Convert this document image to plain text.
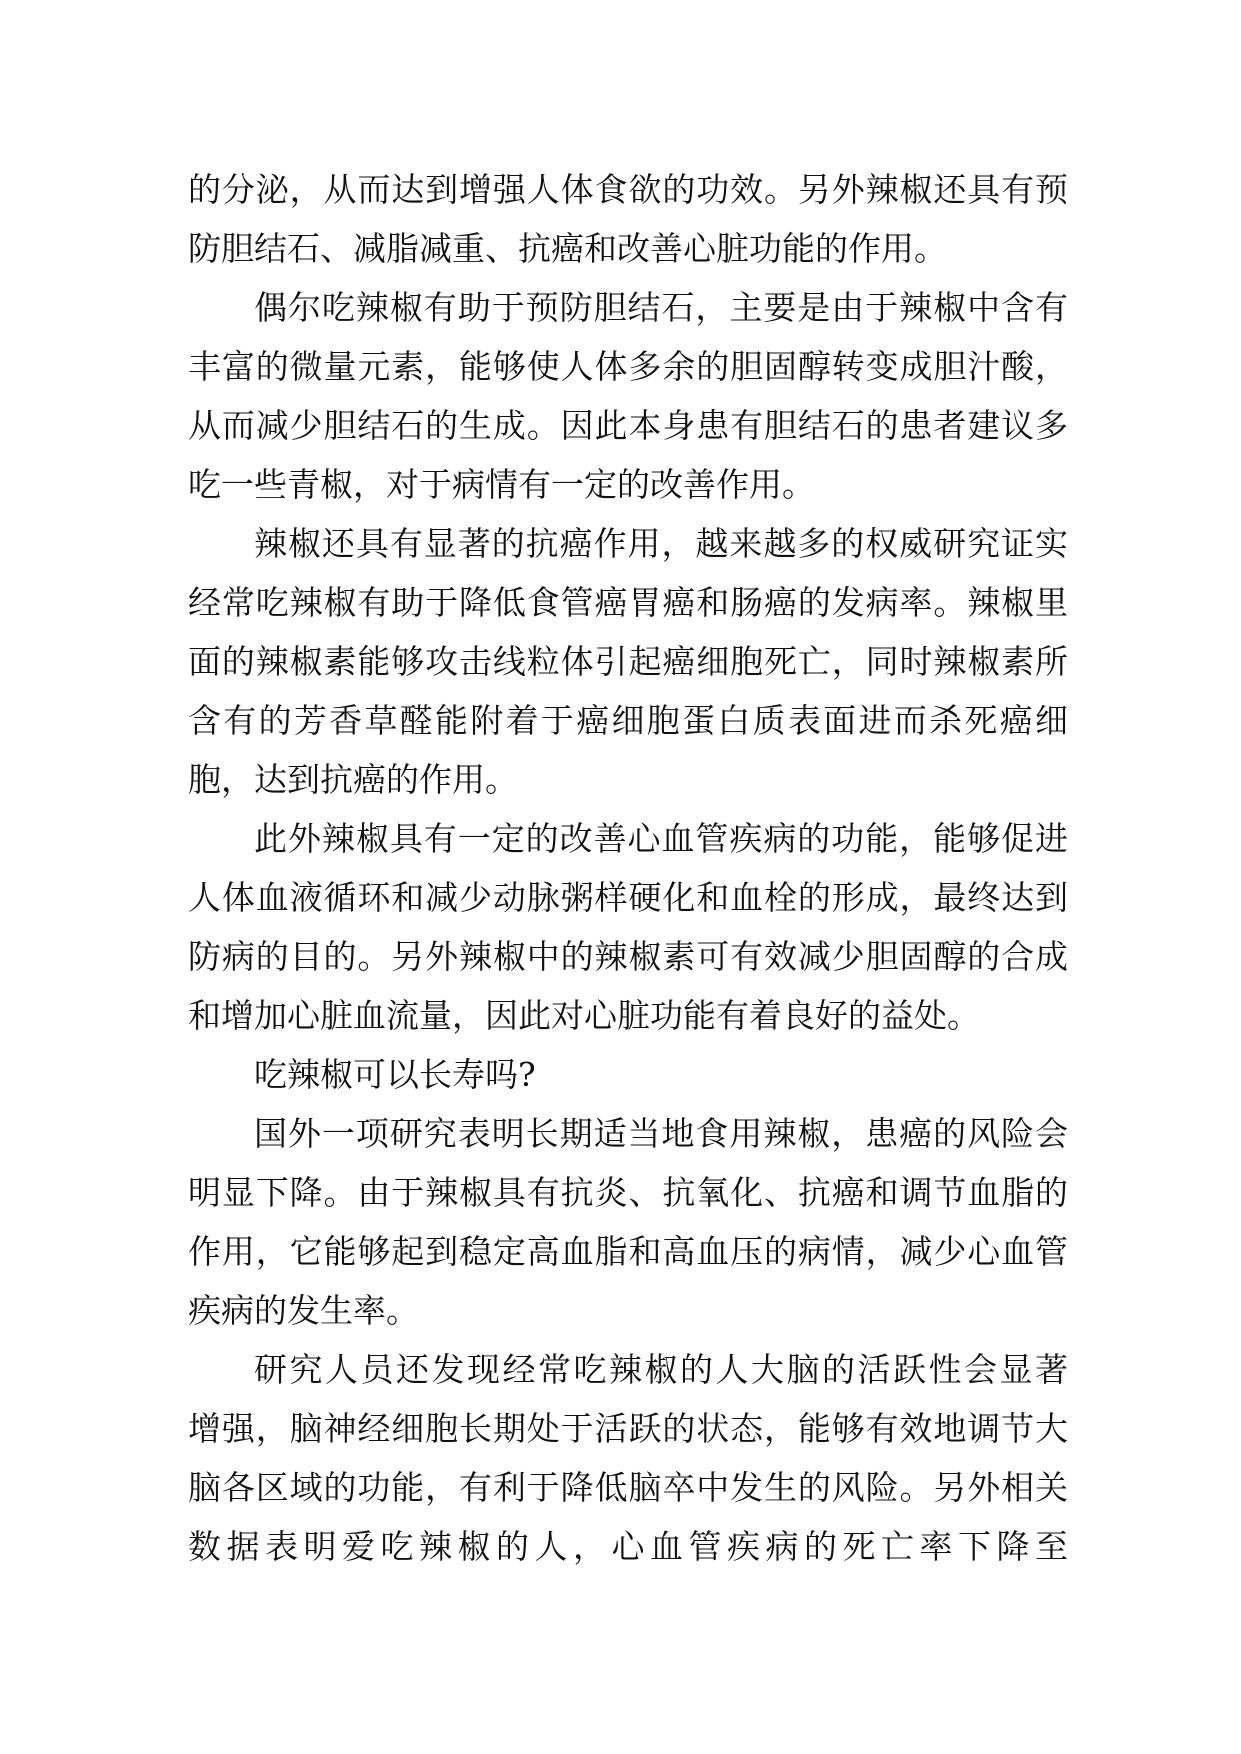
的分泌，从而达到增强人体食欲的功效。另外辣椒还具有预
防胆结石、减脂减重、抗癌和改善心脏功能的作用。
偶尔吃辣椒有助于预防胆结石，主要是由于辣椒中含有
丰富的微量元素，能够使人体多余的胆固醇转变成胆汁酸，
从而减少胆结石的生成。因此本身患有胆结石的患者建议多
吃一些青椒，对于病情有一定的改善作用。
辣椒还具有显著的抗癌作用，越来越多的权威研究证实
经常吃辣椒有助于降低食管癌胃癌和肠癌的发病率。辣椒里
面的辣椒素能够攻击线粒体引起癌细胞死亡，同时辣椒素所
含有的芳香草醛能附着于癌细胞蛋白质表面进而杀死癌细
胞，达到抗癌的作用。
此外辣椒具有一定的改善心血管疾病的功能，能够促进
人体血液循环和减少动脉粥样硬化和血栓的形成，最终达到
防病的目的。另外辣椒中的辣椒素可有效减少胆固醇的合成
和增加心脏血流量，因此对心脏功能有着良好的益处。
吃辣椒可以长寿吗?
国外一项研究表明长期适当地食用辣椒，患癌的风险会
明显下降。由于辣椒具有抗炎、抗氧化、抗癌和调节血脂的
作用，它能够起到稳定高血脂和高血压的病情，减少心血管
疾病的发生率。
研究人员还发现经常吃辣椒的人大脑的活跃性会显著
增强，脑神经细胞长期处于活跃的状态，能够有效地调节大
脑各区域的功能，有利于降低脑卒中发生的风险。另外相关
数据表明爱吃辣椒的人，心血管疾病的死亡率下降至
